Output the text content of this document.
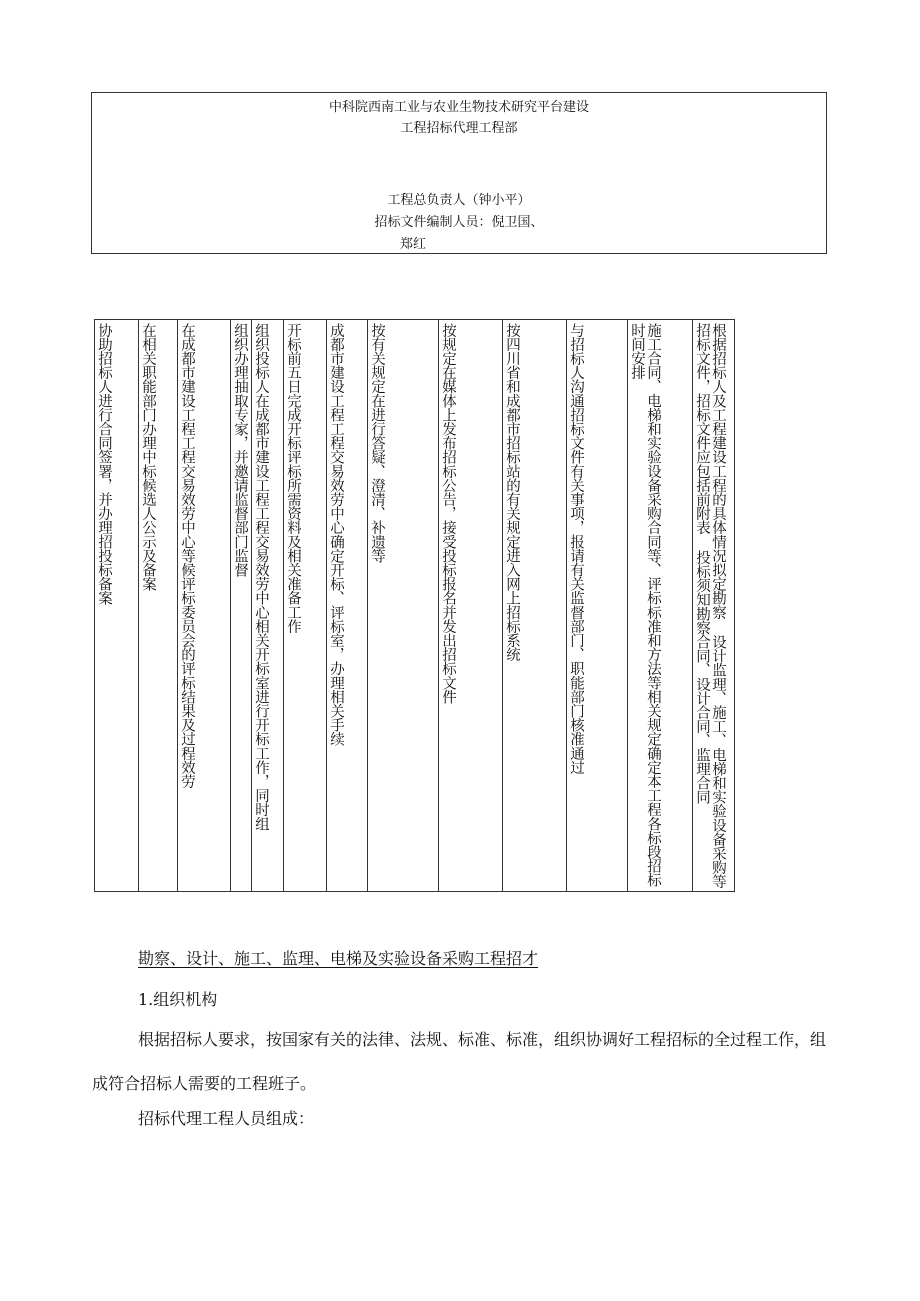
中科院西南工业与农业生物技术研究平台建设
工程招标代理工程部
工程总负责人（钟小平）
招标文件编制人员：倪卫国、
郑红
协助招标人进行合同签署，并办理招投标备案	在相关职能部门办理中标候选人公示及备案	在成都市建设工程工程交易效劳中心等候评标委员会的评标结果及过程效劳	组织办理抽取专家，并邀请监督部门监督	组织投标人在成都市建设工程工程交易效劳中心相关开标室进行开标工作，同时组	开标前五日完成开标评标所需资料及相关准备工作	成都市建设工程工程交易效劳中心确定开标、评标室，办理相关手续	按有关规定在进行答疑、澄清、补遗等	按规定在媒体上发布招标公告，接受投标报名并发出招标文件	按四川省和成都市招标站的有关规定进入网上招标系统	与招标人沟通招标文件有关事项，报请有关监督部门、职能部门核准通过	施工合同、电梯和实验设备采购合同等、评标标准和方法等相关规定确定本工程各标段招标时间安排	根据招标人及工程建设工程的具体情况拟定勘察 设计监理、施工、电梯和实验设备采购等招标文件，招标文件应包括前附表 投标须知勘察合同、设计合同、监理合同
勘察、设计、施工、监理、电梯及实验设备采购工程招才
1.组织机构
根据招标人要求，按国家有关的法律、法规、标准、标准，组织协调好工程招标的全过程工作，组成符合招标人需要的工程班子。
招标代理工程人员组成：
